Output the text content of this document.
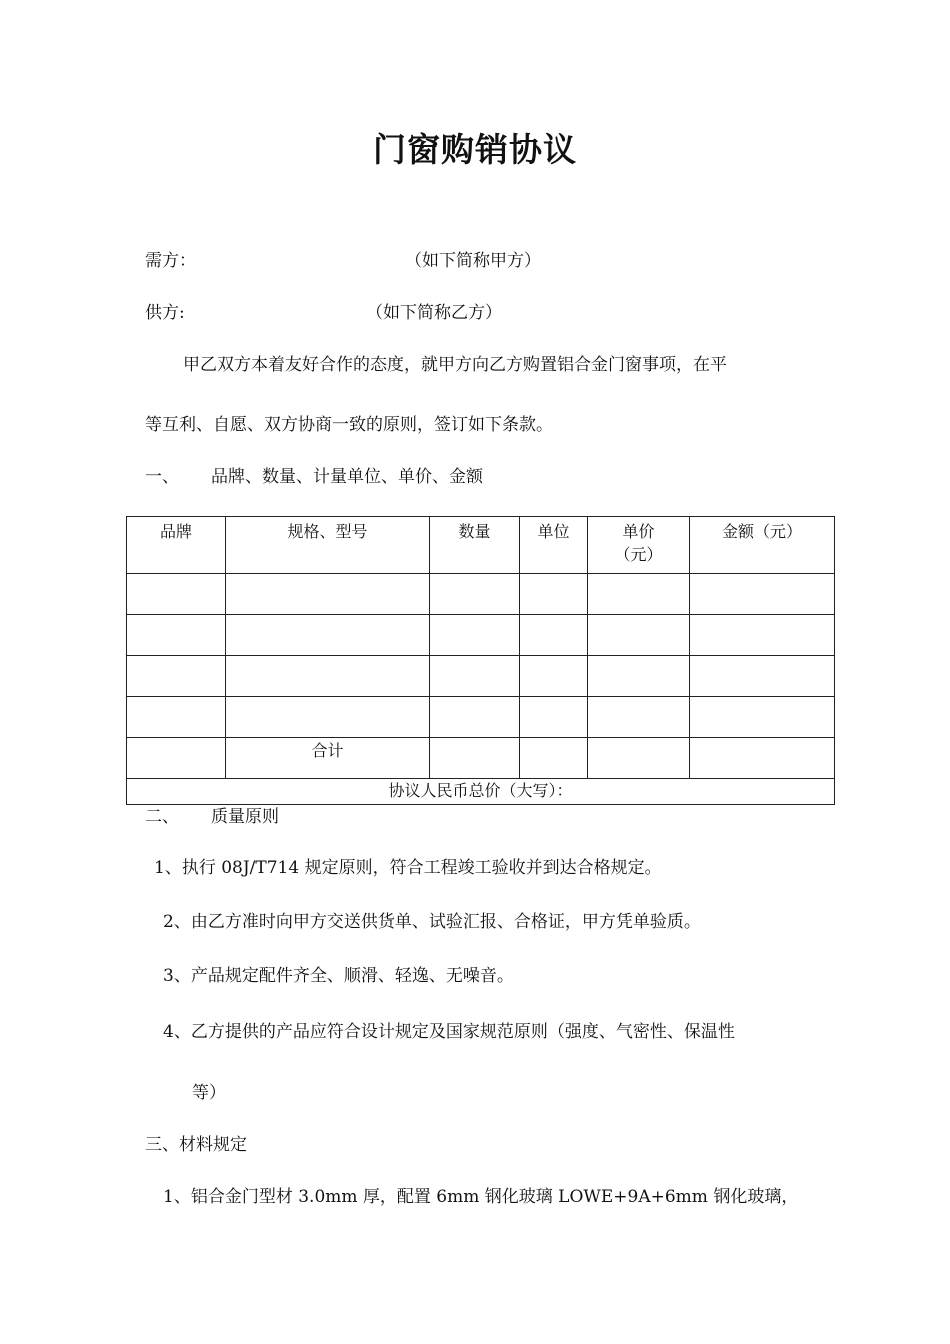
门窗购销协议
需方：	（如下简称甲方）
供方:	（如下简称乙方）
甲乙双方本着友好合作的态度，就甲方向乙方购置铝合金门窗事项，在平
等互利、自愿、双方协商一致的原则，签订如下条款。
一、 品牌、数量、计量单位、单价、金额
品牌	规格、型号	数量	单位	单价（元）	金额（元）

	合计				
协议人民币总价（大写）：					
二、 质量原则
1、执行 08J/T714 规定原则，符合工程竣工验收并到达合格规定。
2、由乙方准时向甲方交送供货单、试验汇报、合格证，甲方凭单验质。
3、产品规定配件齐全、顺滑、轻逸、无噪音。
4、乙方提供的产品应符合设计规定及国家规范原则（强度、气密性、保温性
等）
三、材料规定
1、铝合金门型材 3.0mm 厚，配置 6mm 钢化玻璃 LOWE+9A+6mm 钢化玻璃，
